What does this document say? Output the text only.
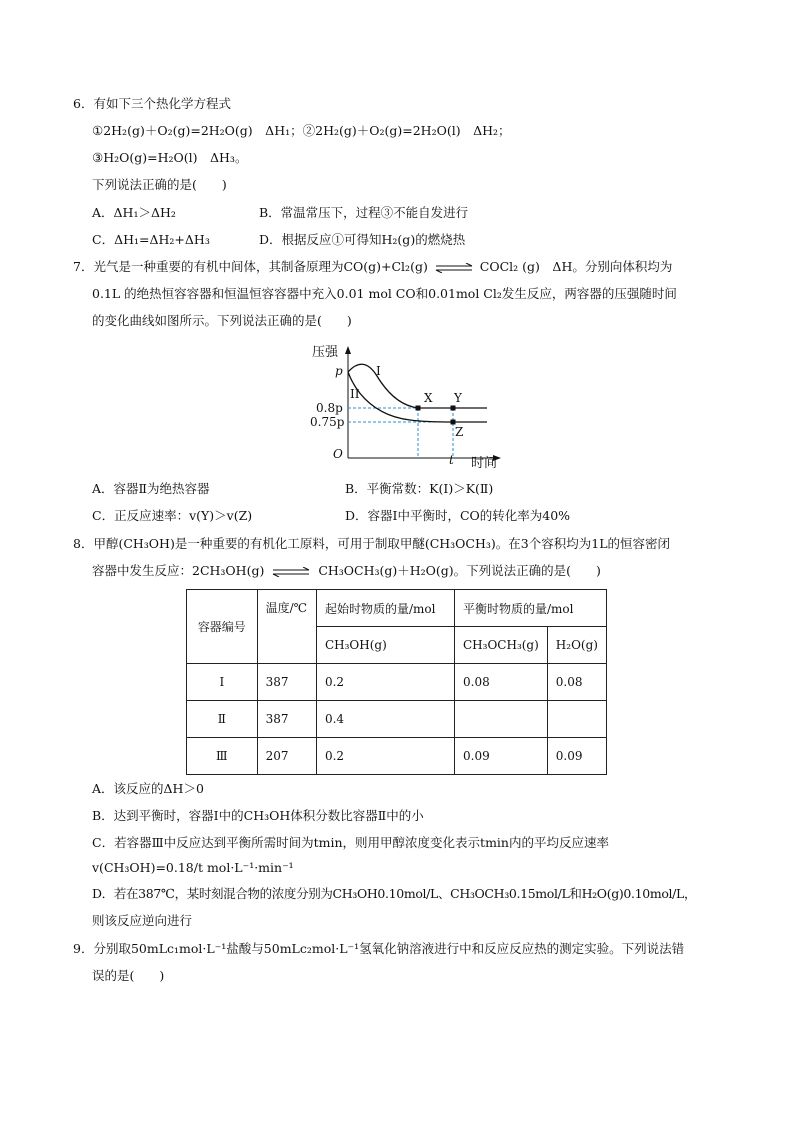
6．有如下三个热化学方程式
①2H₂(g)＋O₂(g)=2H₂O(g)　ΔH₁；②2H₂(g)＋O₂(g)=2H₂O(l)　ΔH₂；
③H₂O(g)=H₂O(l)　ΔH₃。
下列说法正确的是(　　)
A．ΔH₁＞ΔH₂	B．常温常压下，过程③不能自发进行
C．ΔH₁=ΔH₂+ΔH₃	D．根据反应①可得知H₂(g)的燃烧热
7．光气是一种重要的有机中间体，其制备原理为CO(g)+Cl₂(g) ⇌ COCl₂ (g)　ΔH。分别向体积均为
0.1L 的绝热恒容容器和恒温恒容容器中充入0.01 mol CO和0.01mol Cl₂发生反应，两容器的压强随时间
的变化曲线如图所示。下列说法正确的是(　　)
压强
时间
O
p
0.8p
0.75p
t
I
II	X Y
Z
A．容器Ⅱ为绝热容器	B．平衡常数：K(Ⅰ)＞K(Ⅱ)
C．正反应速率：v(Y)＞v(Z)	D．容器Ⅰ中平衡时，CO的转化率为40%
8．甲醇(CH₃OH)是一种重要的有机化工原料，可用于制取甲醚(CH₃OCH₃)。在3个容积均为1L的恒容密闭
容器中发生反应：2CH₃OH(g) ⇌ CH₃OCH₃(g)＋H₂O(g)。下列说法正确的是(　　)
容器编号	温度/℃	起始时物质的量/mol	平衡时物质的量/mol	
		CH₃OH(g)	CH₃OCH₃(g)	H₂O(g)
Ⅰ	387	0.2	0.08	0.08
Ⅱ	387	0.4		
Ⅲ	207	0.2	0.09	0.09
A．该反应的ΔH＞0
B．达到平衡时，容器Ⅰ中的CH₃OH体积分数比容器Ⅱ中的小
C．若容器Ⅲ中反应达到平衡所需时间为tmin，则用甲醇浓度变化表示tmin内的平均反应速率
v(CH₃OH)=0.18/t mol·L⁻¹·min⁻¹
D．若在387℃，某时刻混合物的浓度分别为CH₃OH0.10mol/L、CH₃OCH₃0.15mol/L和H₂O(g)0.10mol/L，
则该反应逆向进行
9．分别取50mLc₁mol·L⁻¹盐酸与50mLc₂mol·L⁻¹氢氧化钠溶液进行中和反应反应热的测定实验。下列说法错
误的是(　　)
